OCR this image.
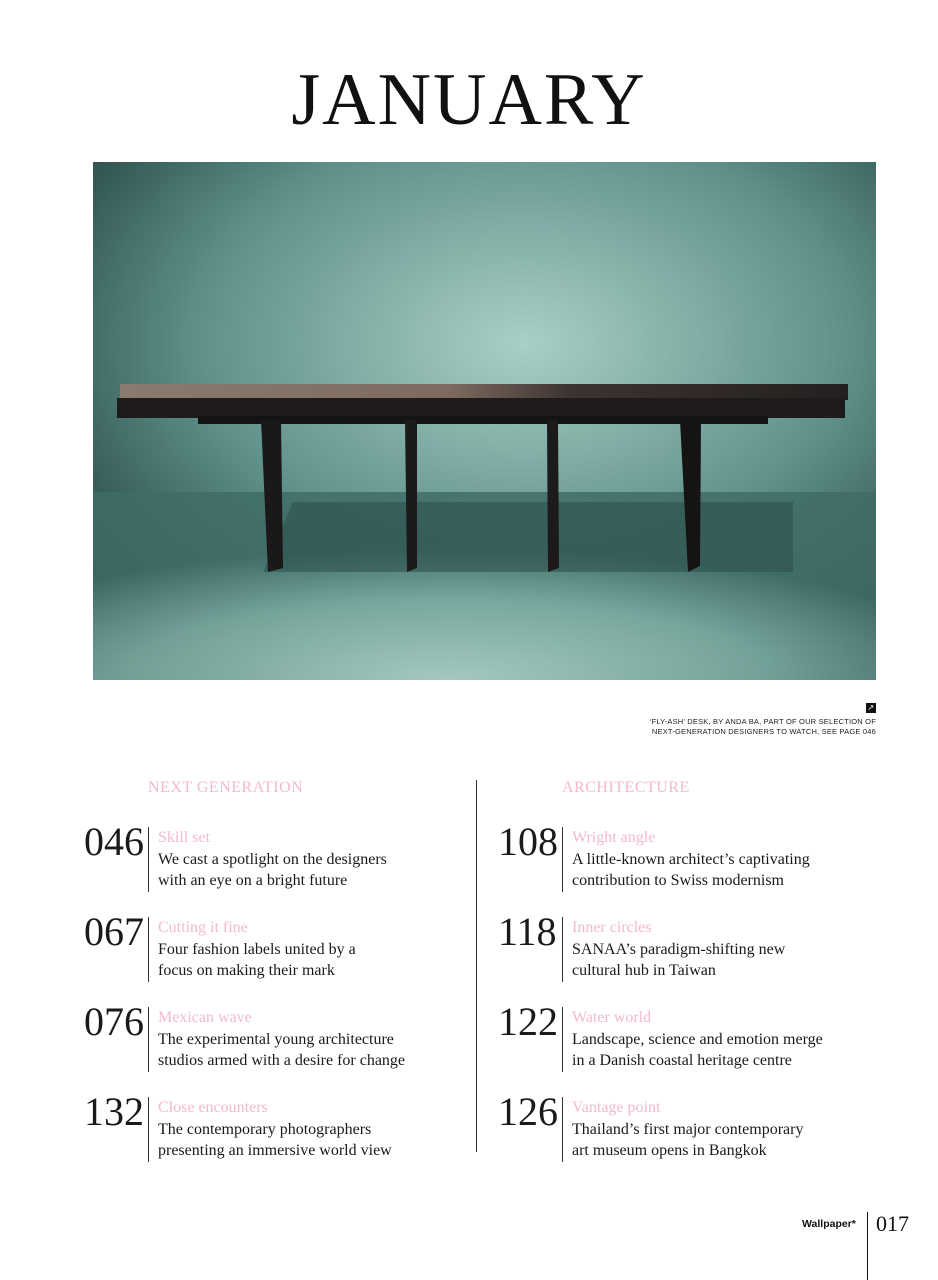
JANUARY
↗
‘FLY-ASH’ DESK, BY ANDA BA, PART OF OUR SELECTION OF
NEXT-GENERATION DESIGNERS TO WATCH, SEE PAGE 046
NEXT GENERATION
046 Skill set
We cast a spotlight on the designers
with an eye on a bright future
067 Cutting it fine
Four fashion labels united by a
focus on making their mark
076 Mexican wave
The experimental young architecture
studios armed with a desire for change
132 Close encounters
The contemporary photographers
presenting an immersive world view
ARCHITECTURE
108 Wright angle
A little-known architect’s captivating
contribution to Swiss modernism
118 Inner circles
SANAA’s paradigm-shifting new
cultural hub in Taiwan
122 Water world
Landscape, science and emotion merge
in a Danish coastal heritage centre
126 Vantage point
Thailand’s first major contemporary
art museum opens in Bangkok
Wallpaper* 017
